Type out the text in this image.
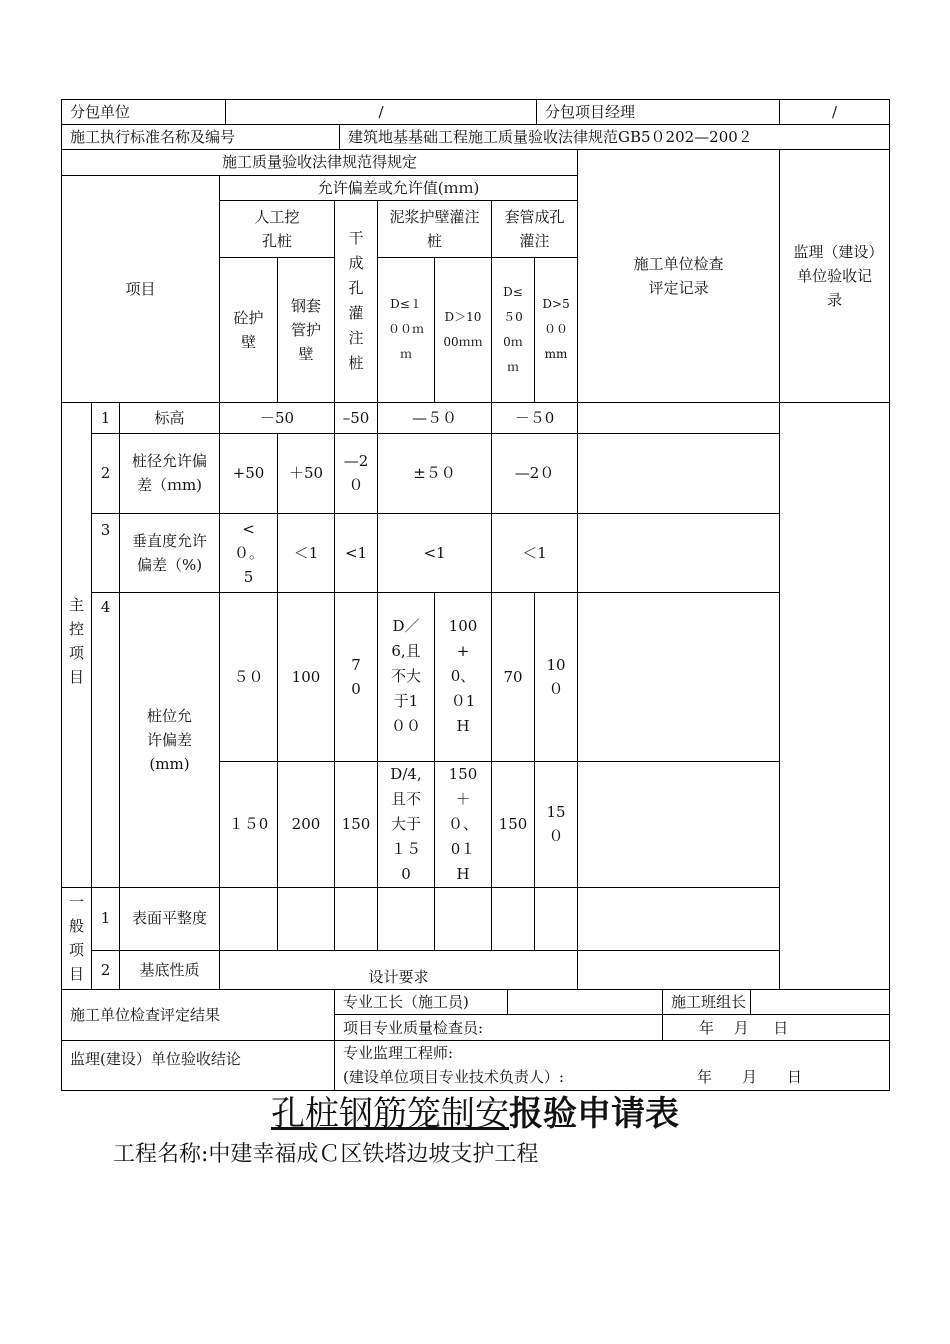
分包单位	/		分包项目经理	/
施工执行标准名称及编号		建筑地基基础工程施工质量验收法律规范GB5０202—200２		
施工质量验收法律规范得规定										施工单位检查评定记录	监理（建设）单位验收记录
项目			允许偏差或允许值(ｍｍ)								
			人工挖孔桩		干成孔灌注桩	泥浆护壁灌注桩		套管成孔灌注			
			砼护壁	钢套管护壁		D≤１００ｍｍ	D＞1000ｍｍ	D≤５00ｍｍ	D>5００mm		

主控项目	1	标高	－50		–50	—５０		－５0			
	2	桩径允许偏差（ｍm)	+50	＋50	—2０	±５０		—2０			
	3	垂直度允许偏差（%)	<０。5	＜1	<1	<1		＜1			
	4	桩位允许偏差(mm)	５０	100	70	D／6,且不大于1００	100+0、０1H	70	10０		
			１５0	200	150	D/4,且不大于１５0	150＋０、0１H	150	15０		

一般项目	1	表面平整度									
	2	基底性质	设计要求								
施工单位检查评定结果	专业工长（施工员)		施工班组长	
	项目专业质量检查员:		年　 月 　 日	
监理(建设）单位验收结论	专业监理工程师:
(建设单位项目专业技术负责人）: 年　　月　　日			
孔桩钢筋笼制安报验申请表
工程名称:中建幸福成Ｃ区铁塔边坡支护工程
